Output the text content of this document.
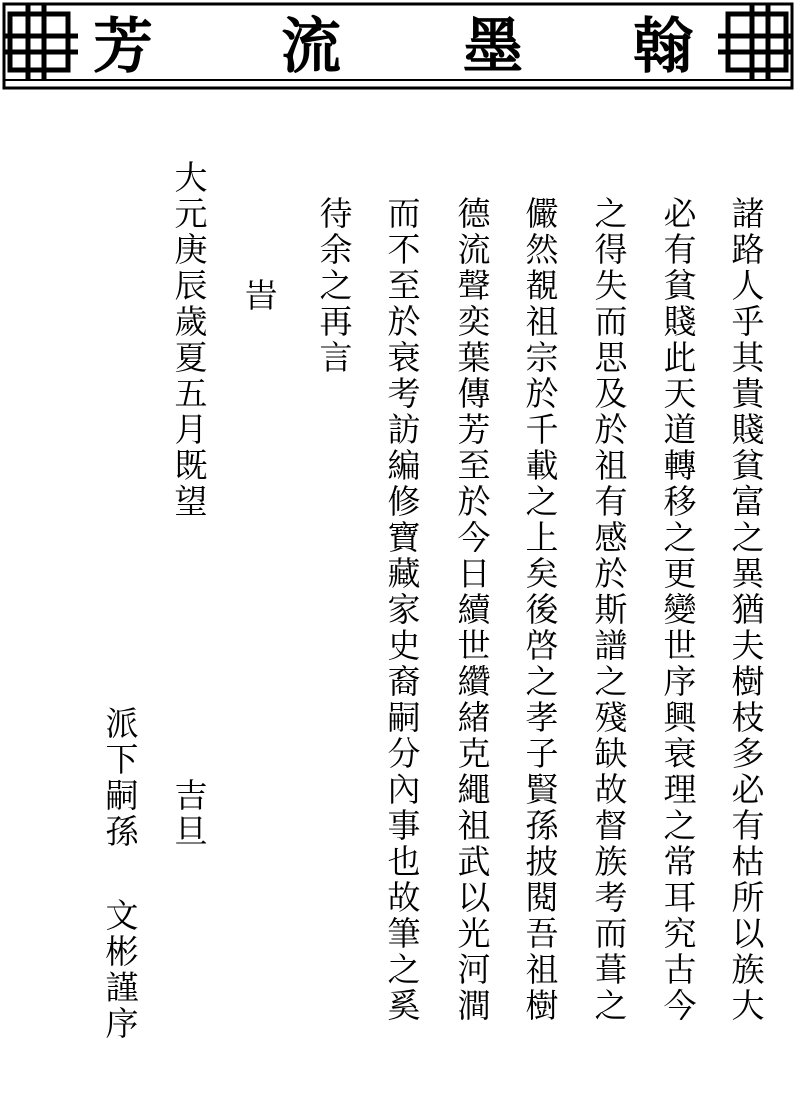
芳 流 墨 翰
諸路人乎其貴賤貧富之異猶夫樹枝多必有枯所以族大
必有貧賤此天道轉移之更變世序興衰理之常耳究古今
之得失而思及於祖有感於斯譜之殘缺故督族考而葺之
儼然覩祖宗於千載之上矣後啓之孝子賢孫披閱吾祖樹
德流聲奕葉傳芳至於今日續世纘緒克繩祖武以光河澗
而不至於衰考訪編修寶藏家史裔嗣分內事也故筆之奚
待余之再言
旹
大元庚辰歲夏五月既望
吉旦
派下嗣孫
文彬謹序
